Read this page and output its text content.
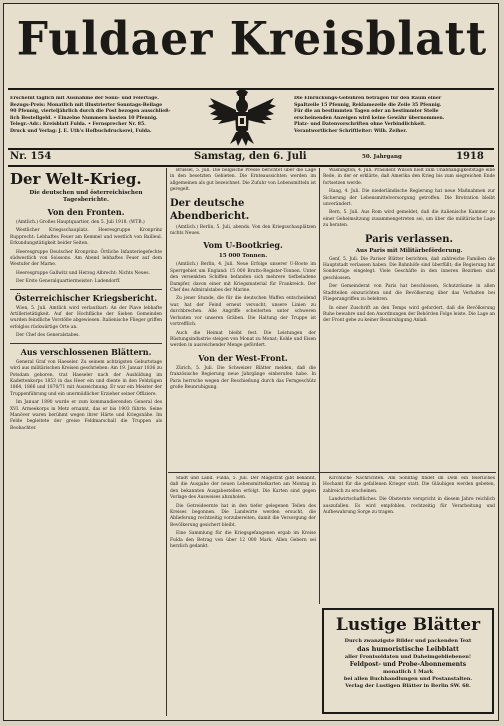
Fuldaer Kreisblatt

Erscheint täglich mit Ausnahme der Sonn- und Feiertage.

Bezugs-Preis: Monatlich mit illustrierter Sonntags-Beilage

90 Pfennig, vierteljährlich durch die Post bezogen ausschließ-

lich Bestellgeld. • Einzelne Nummern kosten 10 Pfennig.

Telegr.-Adr.: Kreisblatt Fulda. • Fernsprecher Nr. 85.

Druck und Verlag: J. E. Uth's Hofbuchdruckerei, Fulda.

Die Einrückungs-Gebühren betragen für den Raum einer

Spaltzeile 15 Pfennig, Reklamezeile die Zeile 35 Pfennig.

Für die an bestimmten Tagen oder an bestimmter Stelle

erscheinenden Anzeigen wird keine Gewähr übernommen.

Platz- und Datenvorschriften ohne Verbindlichkeit.

Verantwortlicher Schriftleiter: Wilh. Zeiher.

Nr. 154	Samstag, den 6. Juli	50. Jahrgang	1918
Der Welt-Krieg.
Die deutschen und österreichischen Tagesberichte.
Von den Fronten.

(Amtlich.) Großes Hauptquartier, den 5. Juli 1918. (WTB.)

Westlicher Kriegsschauplatz. Heeresgruppe Kronprinz Rupprecht: Lebhaftes Feuer am Kemmel und westlich von Bailleul. Erkundungstätigkeit beider Seiten.

Heeresgruppe Deutscher Kronprinz: Örtliche Infanteriegefechte südwestlich von Soissons. Am Abend lebhaftes Feuer auf dem Westufer der Marne.

Heeresgruppe Gallwitz und Herzog Albrecht: Nichts Neues.

Der Erste Generalquartiermeister: Ludendorff.

Österreichischer Kriegsbericht.

Wien, 5. Juli. Amtlich wird verlautbart: An der Piave lebhafte Artillerietätigkeit. Auf der Hochfläche der Sieben Gemeinden wurden feindliche Vorstöße abgewiesen. Italienische Flieger griffen erfolglos rückwärtige Orte an.

Der Chef des Generalstabes.

Aus verschlossenen Blättern.

General Graf von Haeseler. Zu seinem achtzigsten Geburtstage wird aus militärischen Kreisen geschrieben: Am 19. Januar 1836 zu Potsdam geboren, trat Haeseler nach der Ausbildung im Kadettenkorps 1853 in das Heer ein und diente in den Feldzügen 1864, 1866 und 1870/71 mit Auszeichnung. Er war ein Meister der Truppenführung und ein unermüdlicher Erzieher seiner Offiziere.

Im Januar 1890 wurde er zum kommandierenden General des XVI. Armeekorps in Metz ernannt, das er bis 1903 führte. Seine Manöver waren berühmt wegen ihrer Härte und Kriegsnähe. Im Felde begleitete der greise Feldmarschall die Truppen als Beobachter.

Brüssel, 5. Juli. Die belgische Presse berichtet über die Lage in den besetzten Gebieten. Die Ernteaussichten werden im allgemeinen als gut bezeichnet. Die Zufuhr von Lebensmitteln ist geregelt.

Der deutsche Abendbericht.

(Amtlich.) Berlin, 5. Juli, abends. Von den Kriegsschauplätzen nichts Neues.

Vom U-Bootkrieg.
15 000 Tonnen.

(Amtlich.) Berlin, 4. Juli. Neue Erfolge unserer U-Boote im Sperrgebiet um England: 15 000 Brutto-Register-Tonnen. Unter den versenkten Schiffen befanden sich mehrere tiefbeladene Dampfer, davon einer mit Kriegsmaterial für Frankreich. Der Chef des Admiralstabes der Marine.

Zu jener Stunde, die für die deutschen Waffen entscheidend war, hat der Feind erneut versucht, unsere Linien zu durchbrechen. Alle Angriffe scheiterten unter schweren Verlusten vor unseren Gräben. Die Haltung der Truppe ist vortrefflich.

Auch die Heimat bleibt fest. Die Leistungen der Rüstungsindustrie steigen von Monat zu Monat; Kohle und Eisen werden in ausreichender Menge gefördert.

Von der West-Front.

Zürich, 5. Juli. Die Schweizer Blätter melden, daß die französische Regierung neue Jahrgänge einberufen habe. In Paris herrsche wegen der Beschießung durch das Ferngeschütz große Beunruhigung.

Washington, 4. Juli. Präsident Wilson hielt zum Unabhängigkeitstage eine Rede, in der er erklärte, daß Amerika den Krieg bis zum siegreichen Ende fortsetzen werde.

Haag, 4. Juli. Die niederländische Regierung hat neue Maßnahmen zur Sicherung der Lebensmittelversorgung getroffen. Die Brotration bleibt unverändert.

Bern, 5. Juli. Aus Rom wird gemeldet, daß die italienische Kammer zu einer Geheimsitzung zusammengetreten sei, um über die militärische Lage zu beraten.

Paris verlassen.
Aus Paris mit Militärbeförderung.

Genf, 5. Juli. Die Pariser Blätter berichten, daß zahlreiche Familien die Hauptstadt verlassen haben. Die Bahnhöfe sind überfüllt; die Regierung hat Sonderzüge eingelegt. Viele Geschäfte in den inneren Bezirken sind geschlossen.

Der Gemeinderat von Paris hat beschlossen, Schutzräume in allen Stadtteilen einzurichten und die Bevölkerung über das Verhalten bei Fliegerangriffen zu belehren.

In einer Zuschrift an den Temps wird gefordert, daß die Bevölkerung Ruhe bewahre und den Anordnungen der Behörden Folge leiste. Die Lage an der Front gebe zu keiner Beunruhigung Anlaß.

Stadt und Land. Fulda, 5. Juli. Der Magistrat gibt bekannt, daß die Ausgabe der neuen Lebensmittelkarten am Montag in den bekannten Ausgabestellen erfolgt. Die Karten sind gegen Vorlage des Ausweises abzuholen.

Die Getreideernte hat in den tiefer gelegenen Teilen des Kreises begonnen. Die Landwirte werden ersucht, die Ablieferung rechtzeitig vorzubereiten, damit die Versorgung der Bevölkerung gesichert bleibt.

Eine Sammlung für die Kriegsgefangenen ergab im Kreise Fulda den Betrag von über 12 000 Mark. Allen Gebern sei herzlich gedankt.

Kirchliche Nachrichten. Am Sonntag findet im Dom ein feierliches Hochamt für die gefallenen Krieger statt. Die Gläubigen werden gebeten, zahlreich zu erscheinen.

Landwirtschaftliches. Die Obsternte verspricht in diesem Jahre reichlich auszufallen. Es wird empfohlen, rechtzeitig für Verarbeitung und Aufbewahrung Sorge zu tragen.

Lustige Blätter

Durch zwanzigste Bilder und packenden Text

das humoristische Leibblatt

aller Frontsoldaten und Daheimgebliebenen!

Feldpost- und Probe-Abonnements

monatlich 1 Mark

bei allen Buchhandlungen und Postanstalten.

Verlag der Lustigen Blätter in Berlin SW. 68.
